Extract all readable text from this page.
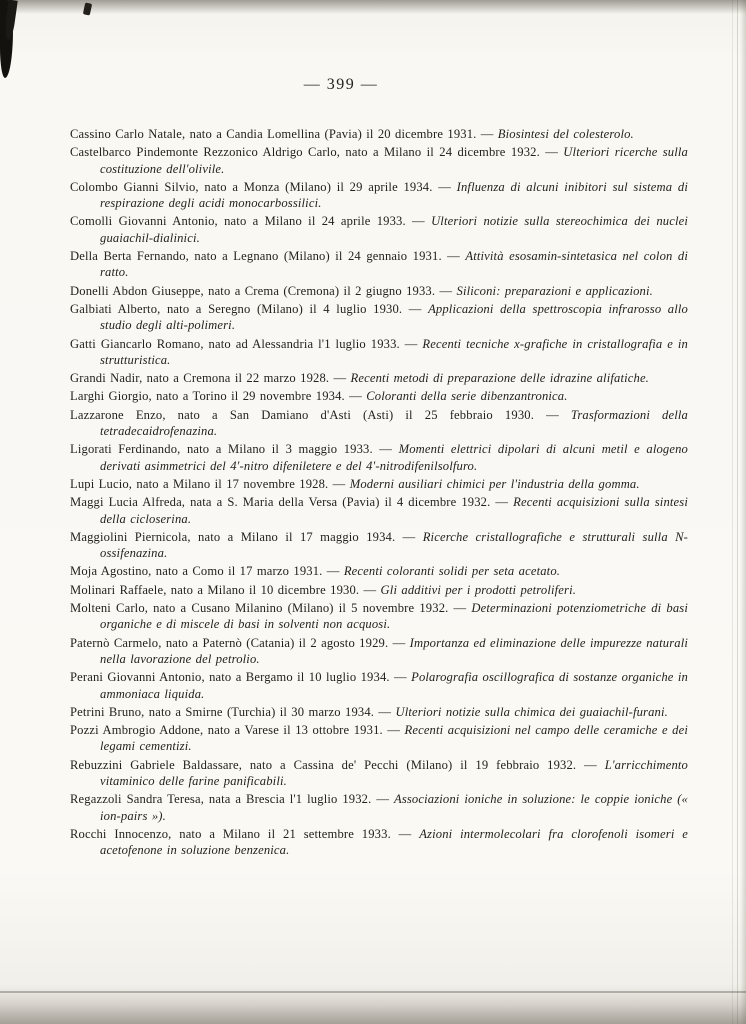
— 399 —

Cassino Carlo Natale, nato a Candia Lomellina (Pavia) il 20 dicembre 1931. — Biosintesi del colesterolo.

Castelbarco Pindemonte Rezzonico Aldrigo Carlo, nato a Milano il 24 dicembre 1932. — Ulteriori ricerche sulla costituzione dell'olivile.

Colombo Gianni Silvio, nato a Monza (Milano) il 29 aprile 1934. — Influenza di alcuni inibitori sul sistema di respirazione degli acidi monocarbossilici.

Comolli Giovanni Antonio, nato a Milano il 24 aprile 1933. — Ulteriori notizie sulla stereochimica dei nuclei guaiachil-dialinici.

Della Berta Fernando, nato a Legnano (Milano) il 24 gennaio 1931. — Attività esosamin-sintetasica nel colon di ratto.

Donelli Abdon Giuseppe, nato a Crema (Cremona) il 2 giugno 1933. — Siliconi: preparazioni e applicazioni.

Galbiati Alberto, nato a Seregno (Milano) il 4 luglio 1930. — Applicazioni della spettroscopia infrarosso allo studio degli alti-polimeri.

Gatti Giancarlo Romano, nato ad Alessandria l'1 luglio 1933. — Recenti tecniche x-grafiche in cristallografia e in strutturistica.

Grandi Nadir, nato a Cremona il 22 marzo 1928. — Recenti metodi di preparazione delle idrazine alifatiche.

Larghi Giorgio, nato a Torino il 29 novembre 1934. — Coloranti della serie dibenzantronica.

Lazzarone Enzo, nato a San Damiano d'Asti (Asti) il 25 febbraio 1930. — Trasformazioni della tetradecaidrofenazina.

Ligorati Ferdinando, nato a Milano il 3 maggio 1933. — Momenti elettrici dipolari di alcuni metil e alogeno derivati asimmetrici del 4'-nitro difeniletere e del 4'-nitrodifenilsolfuro.

Lupi Lucio, nato a Milano il 17 novembre 1928. — Moderni ausiliari chimici per l'industria della gomma.

Maggi Lucia Alfreda, nata a S. Maria della Versa (Pavia) il 4 dicembre 1932. — Recenti acquisizioni sulla sintesi della cicloserina.

Maggiolini Piernicola, nato a Milano il 17 maggio 1934. — Ricerche cristallografiche e strutturali sulla N-ossifenazina.

Moja Agostino, nato a Como il 17 marzo 1931. — Recenti coloranti solidi per seta acetato.

Molinari Raffaele, nato a Milano il 10 dicembre 1930. — Gli additivi per i prodotti petroliferi.

Molteni Carlo, nato a Cusano Milanino (Milano) il 5 novembre 1932. — Determinazioni potenziometriche di basi organiche e di miscele di basi in solventi non acquosi.

Paternò Carmelo, nato a Paternò (Catania) il 2 agosto 1929. — Importanza ed eliminazione delle impurezze naturali nella lavorazione del petrolio.

Perani Giovanni Antonio, nato a Bergamo il 10 luglio 1934. — Polarografia oscillografica di sostanze organiche in ammoniaca liquida.

Petrini Bruno, nato a Smirne (Turchia) il 30 marzo 1934. — Ulteriori notizie sulla chimica dei guaiachil-furani.

Pozzi Ambrogio Addone, nato a Varese il 13 ottobre 1931. — Recenti acquisizioni nel campo delle ceramiche e dei legami cementizi.

Rebuzzini Gabriele Baldassare, nato a Cassina de' Pecchi (Milano) il 19 febbraio 1932. — L'arricchimento vitaminico delle farine panificabili.

Regazzoli Sandra Teresa, nata a Brescia l'1 luglio 1932. — Associazioni ioniche in soluzione: le coppie ioniche (« ion-pairs »).

Rocchi Innocenzo, nato a Milano il 21 settembre 1933. — Azioni intermolecolari fra clorofenoli isomeri e acetofenone in soluzione benzenica.
